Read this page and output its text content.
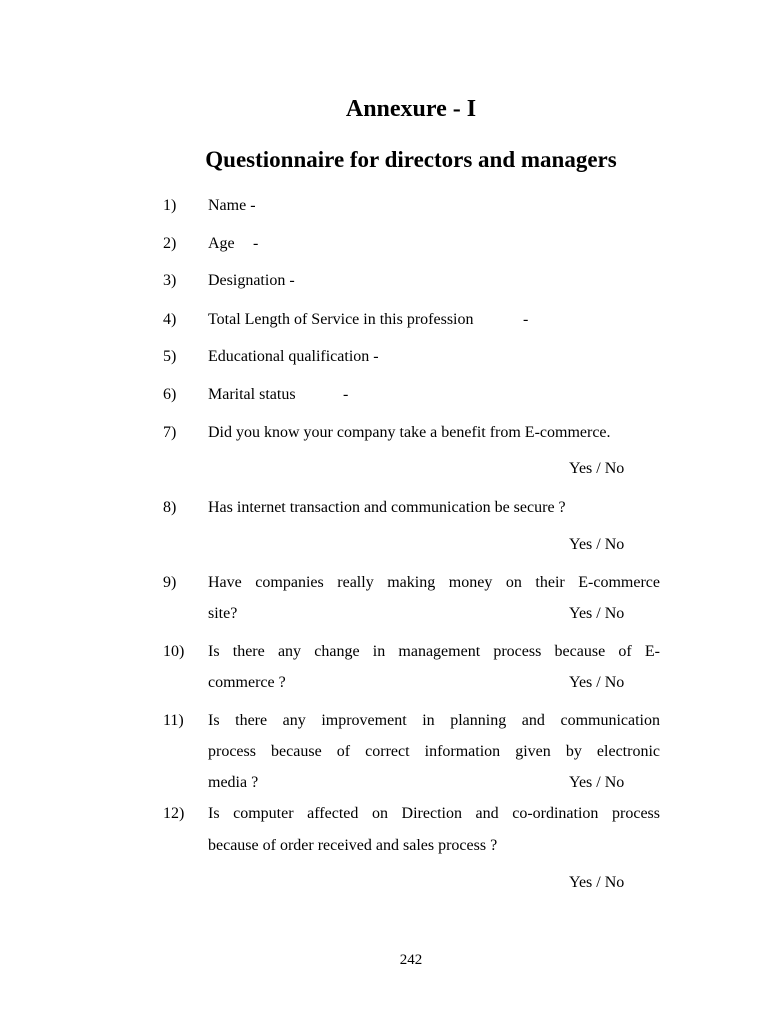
Annexure - I
Questionnaire for directors and managers
1) Name -
2) Age -
3) Designation -
4) Total Length of Service in this profession	-
5) Educational qualification -
6) Marital status	-
7) Did you know your company take a benefit from E-commerce.
Yes / No
8) Has internet transaction and communication be secure ?
Yes / No
9) Have companies really making money on their E-commerce
site?	Yes / No
10) Is there any change in management process because of E-
commerce ?	Yes / No
11) Is there any improvement in planning and communication
process because of correct information given by electronic
media ?	Yes / No
12) Is computer affected on Direction and co-ordination process
because of order received and sales process ?
Yes / No
242
